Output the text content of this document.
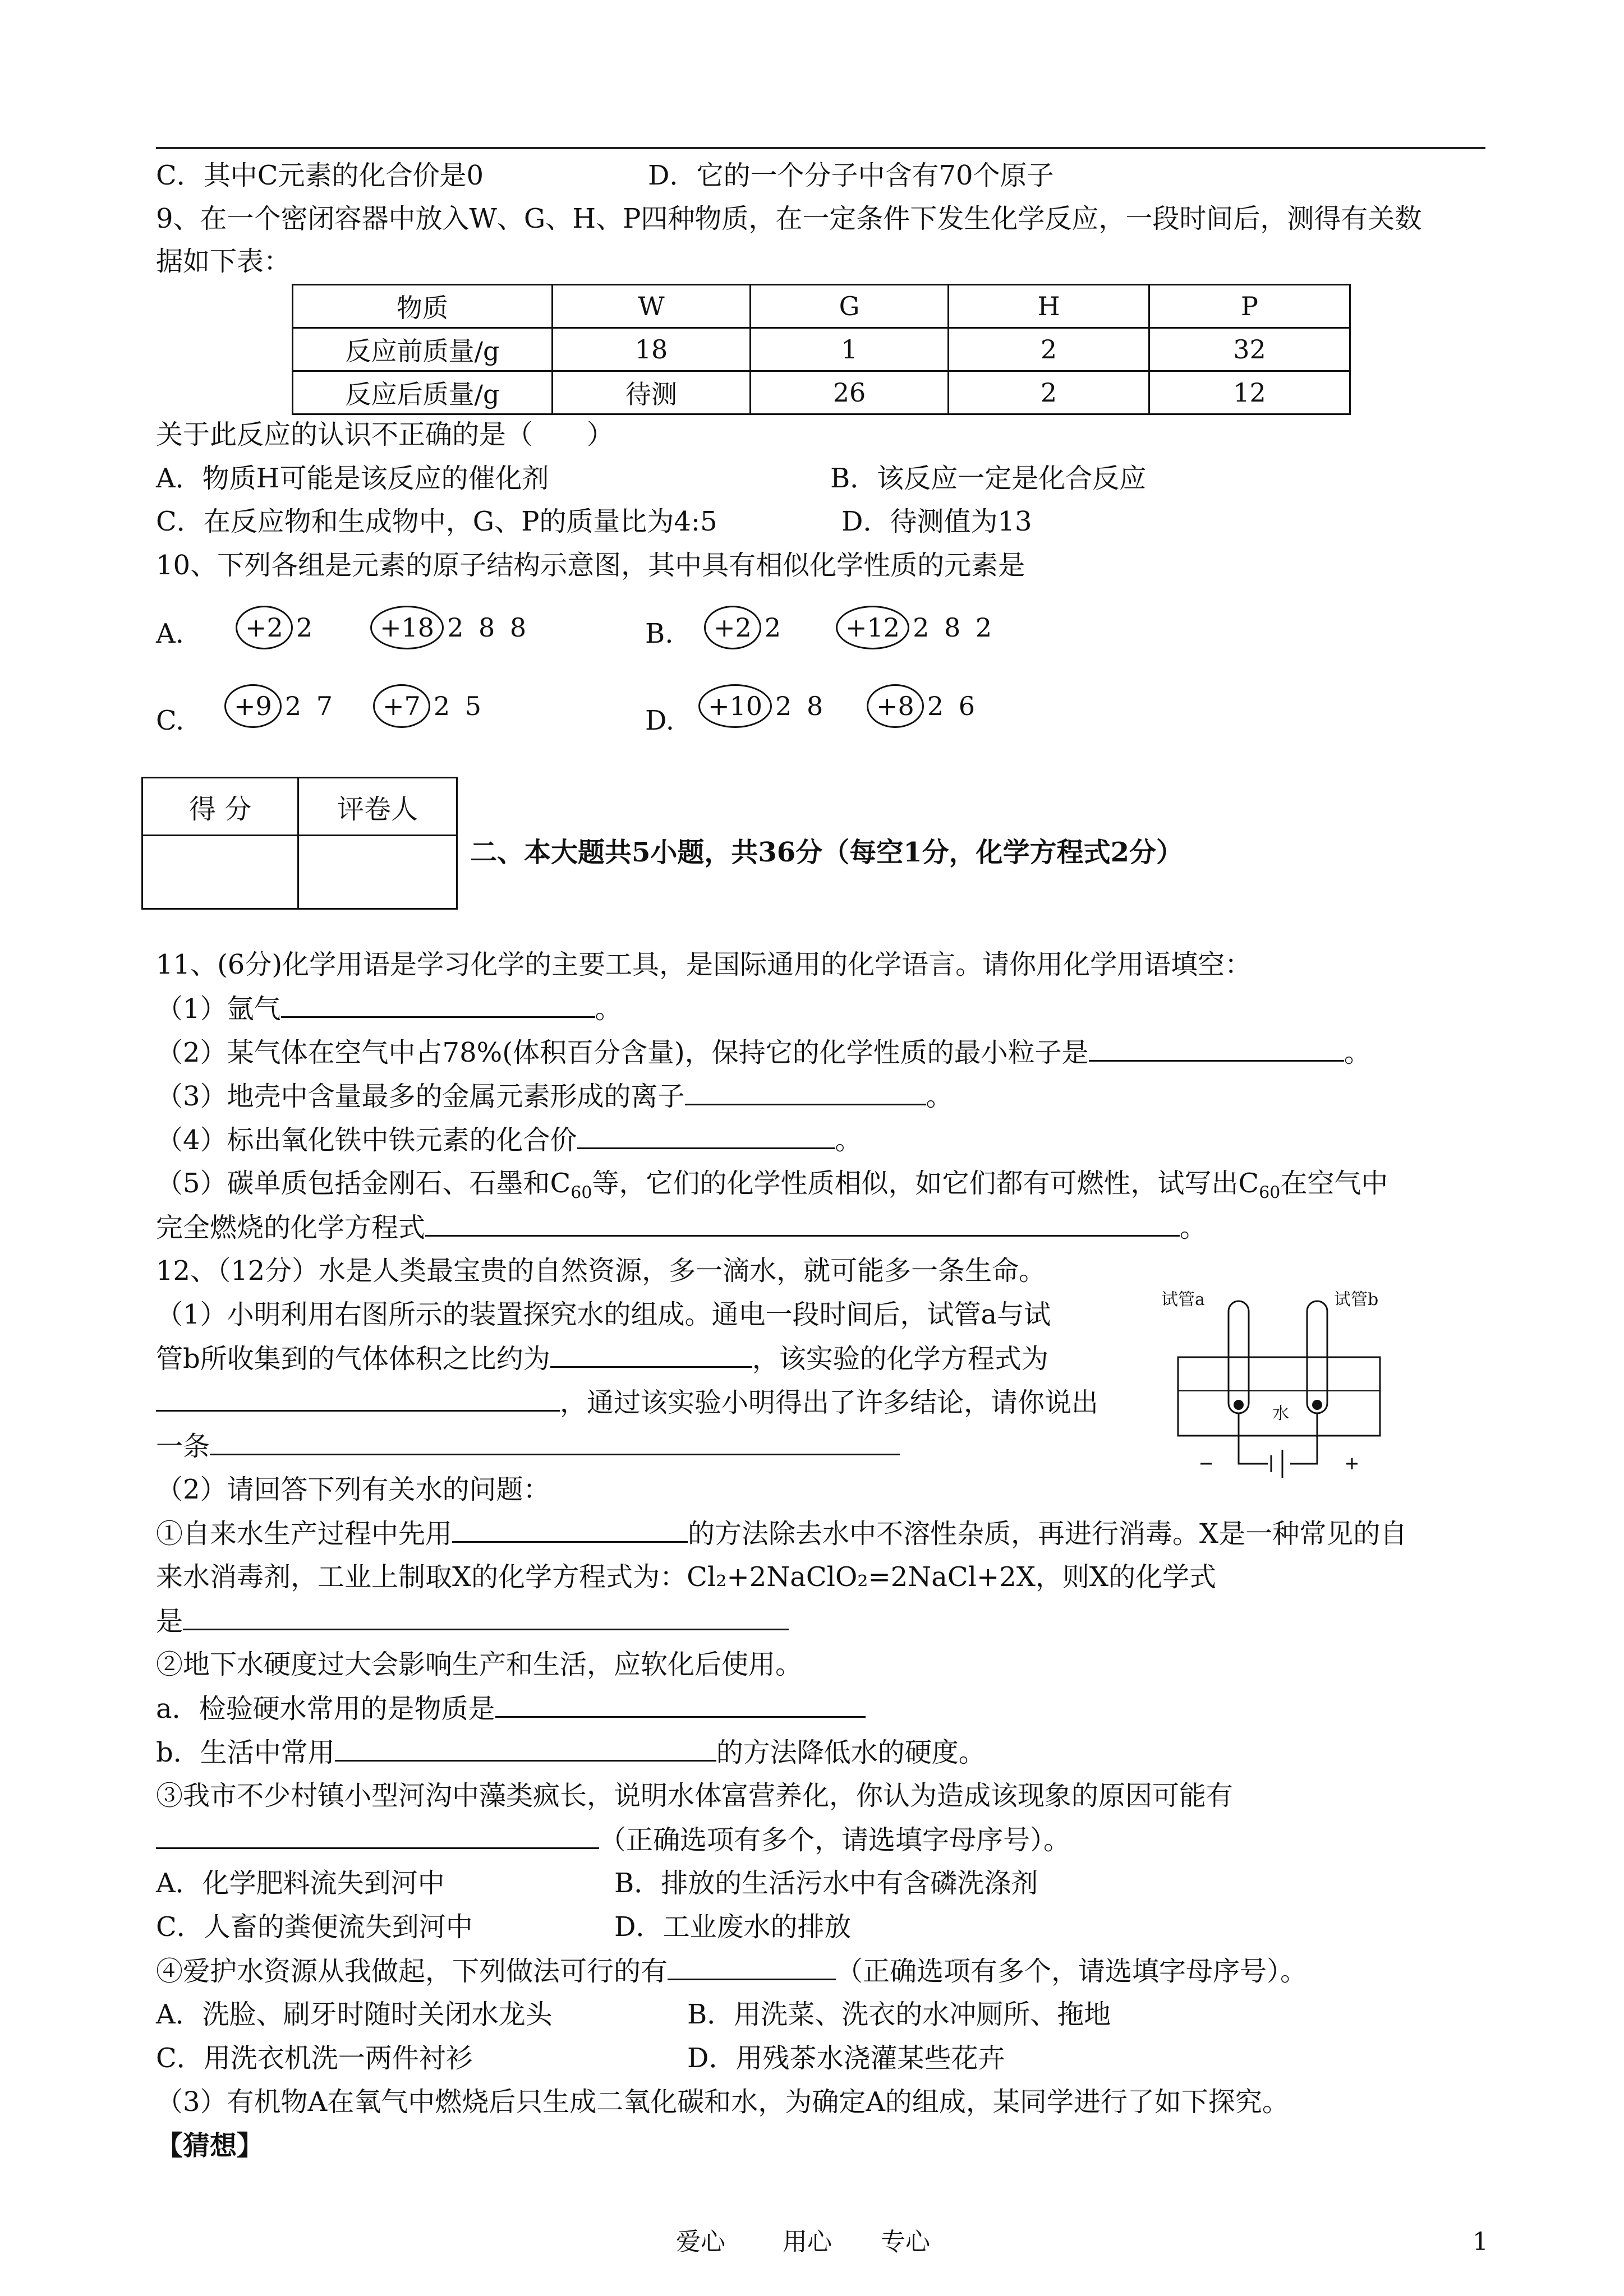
C．其中C元素的化合价是0	D．它的一个分子中含有70个原子
9、在一个密闭容器中放入W、G、H、P四种物质，在一定条件下发生化学反应，一段时间后，测得有关数
据如下表：
物质	W	G	H	P
反应前质量/g	18	1	2	32
反应后质量/g	待测	26	2	12
关于此反应的认识不正确的是（　　）
A．物质H可能是该反应的催化剂	B．该反应一定是化合反应
C．在反应物和生成物中，G、P的质量比为4:5	D．待测值为13
10、下列各组是元素的原子结构示意图，其中具有相似化学性质的元素是
A.	B.
C.	D.
+2 2	+18 2 8 8	+2 2	+12 2 8 2
+9 2 7	+7 2 5	+10 2 8	+8 2 6
得 分	评卷人

二、本大题共5小题，共36分（每空1分，化学方程式2分）
11、(6分)化学用语是学习化学的主要工具，是国际通用的化学语言。请你用化学用语填空：
（1）氩气	。
（2）某气体在空气中占78%(体积百分含量)，保持它的化学性质的最小粒子是	。
（3）地壳中含量最多的金属元素形成的离子	。
（4）标出氧化铁中铁元素的化合价	。
（5）碳单质包括金刚石、石墨和$C_{60}$等，它们的化学性质相似，如它们都有可燃性，试写出$C_{60}$在空气中
完全燃烧的化学方程式	。
12、（12分）水是人类最宝贵的自然资源，多一滴水，就可能多一条生命。
（1）小明利用右图所示的装置探究水的组成。通电一段时间后，试管a与试
管b所收集到的气体体积之比约为	，该实验的化学方程式为
，通过该实验小明得出了许多结论，请你说出
一条
试管a	试管b
水
（2）请回答下列有关水的问题：
①自来水生产过程中先用	的方法除去水中不溶性杂质，再进行消毒。X是一种常见的自
来水消毒剂，工业上制取X的化学方程式为：Cl₂+2NaClO₂=2NaCl+2X，则X的化学式
是
②地下水硬度过大会影响生产和生活，应软化后使用。
a．检验硬水常用的是物质是
b．生活中常用	的方法降低水的硬度。
③我市不少村镇小型河沟中藻类疯长，说明水体富营养化，你认为造成该现象的原因可能有
（正确选项有多个，请选填字母序号）。
A．化学肥料流失到河中	B．排放的生活污水中有含磷洗涤剂
C．人畜的粪便流失到河中	D．工业废水的排放
④爱护水资源从我做起，下列做法可行的有	（正确选项有多个，请选填字母序号）。
A．洗脸、刷牙时随时关闭水龙头	B．用洗菜、洗衣的水冲厕所、拖地
C．用洗衣机洗一两件衬衫	D．用残茶水浇灌某些花卉
（3）有机物A在氧气中燃烧后只生成二氧化碳和水，为确定A的组成，某同学进行了如下探究。
【猜想】
爱心 用心 专心	1
